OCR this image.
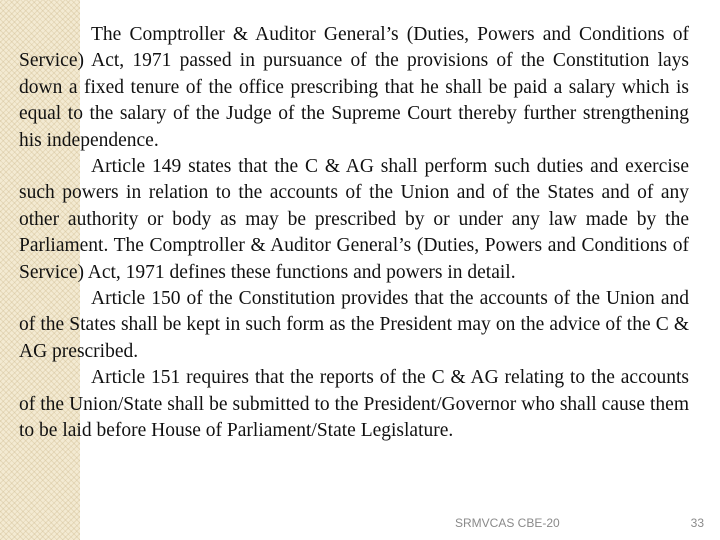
The Comptroller & Auditor General’s (Duties, Powers and Conditions of Service) Act, 1971 passed in pursuance of the provisions of the Constitution lays down a fixed tenure of the office prescribing that he shall be paid a salary which is equal to the salary of the Judge of the Supreme Court thereby further strengthening his independence.

Article 149 states that the C & AG shall perform such duties and exercise such powers in relation to the accounts of the Union and of the States and of any other authority or body as may be prescribed by or under any law made by the Parliament. The Comptroller & Auditor General’s (Duties, Powers and Conditions of Service) Act, 1971 defines these functions and powers in detail.

Article 150 of the Constitution provides that the accounts of the Union and of the States shall be kept in such form as the President may on the advice of the C & AG prescribed.

Article 151 requires that the reports of the C & AG relating to the accounts of the Union/State shall be submitted to the President/Governor who shall cause them to be laid before House of Parliament/State Legislature.

SRMVCAS CBE-20	33
